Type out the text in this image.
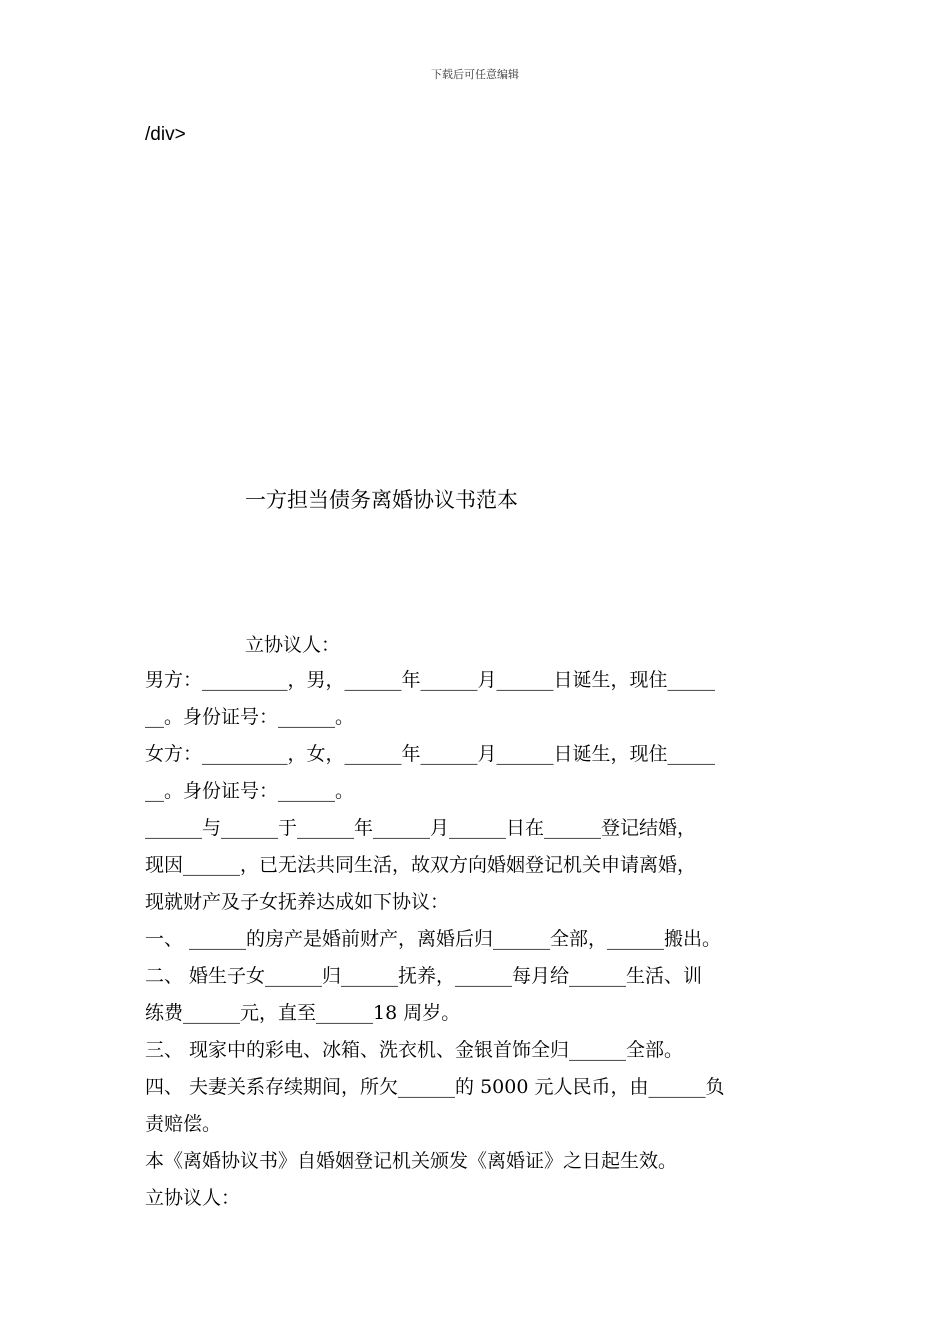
下载后可任意编辑
/div>
一方担当债务离婚协议书范本
立协议人：

男方：_________，男，______年______月______日诞生，现住_____

__。身份证号：______。

女方：_________，女，______年______月______日诞生，现住_____

__。身份证号：______。

______与______于______年______月______日在______登记结婚，

现因______，已无法共同生活，故双方向婚姻登记机关申请离婚，

现就财产及子女抚养达成如下协议：

一、 ______的房产是婚前财产，离婚后归______全部，______搬出。

二、 婚生子女______归______抚养，______每月给______生活、训

练费______元，直至______18 周岁。

三、 现家中的彩电、冰箱、洗衣机、金银首饰全归______全部。

四、 夫妻关系存续期间，所欠______的 5000 元人民币，由______负

责赔偿。

本《离婚协议书》自婚姻登记机关颁发《离婚证》之日起生效。

立协议人：
